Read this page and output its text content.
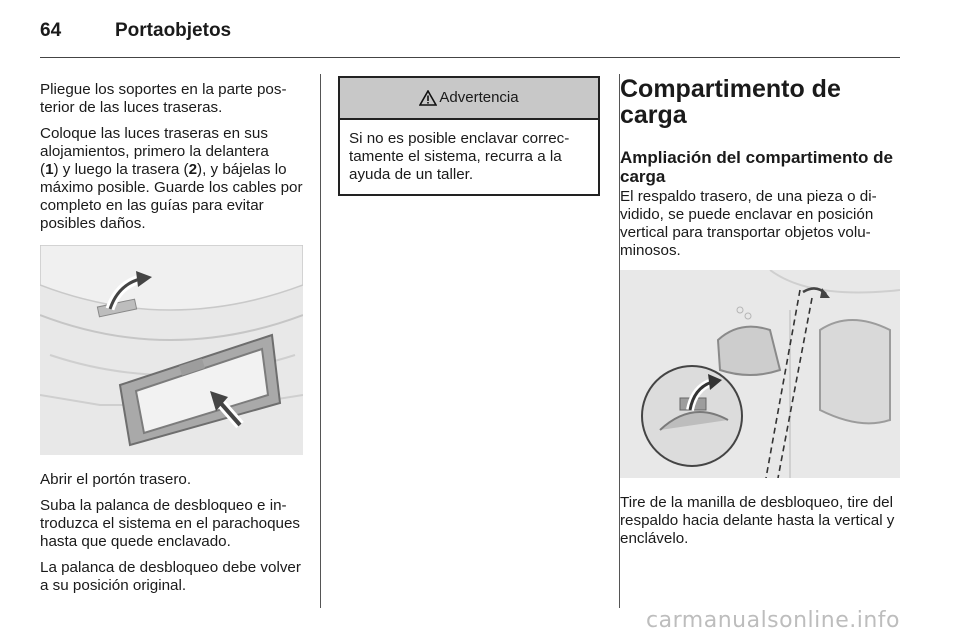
64	Portaobjetos

Pliegue los soportes en la parte posterior de las luces traseras.

Coloque las luces traseras en sus alojamientos, primero la delantera
(1) y luego la trasera (2), y bájelas lo máximo posible. Guarde los cables por completo en las guías para evitar posibles daños.

Abrir el portón trasero.

Suba la palanca de desbloqueo e introduzca el sistema en el parachoques hasta que quede enclavado.

La palanca de desbloqueo debe volver a su posición original.

Advertencia
Si no es posible enclavar correctamente el sistema, recurra a la ayuda de un taller.
Compartimento de carga
Ampliación del compartimento de carga

El respaldo trasero, de una pieza o dividido, se puede enclavar en posición vertical para transportar objetos voluminosos.

Tire de la manilla de desbloqueo, tire del respaldo hacia delante hasta la vertical y enclávelo.

carmanualsonline.info
